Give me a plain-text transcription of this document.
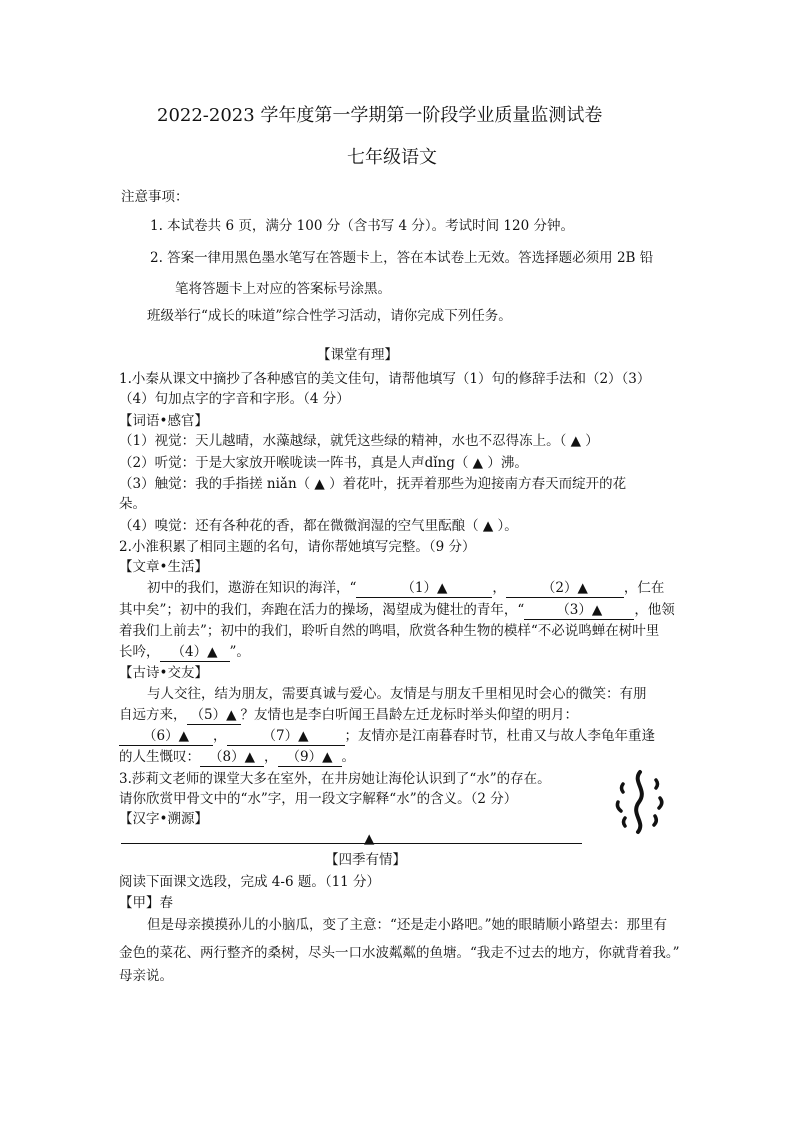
2022-2023 学年度第一学期第一阶段学业质量监测试卷
七年级语文
注意事项：
1. 本试卷共 6 页，满分 100 分（含书写 4 分）。考试时间 120 分钟。
2. 答案一律用黑色墨水笔写在答题卡上，答在本试卷上无效。答选择题必须用 2B 铅
笔将答题卡上对应的答案标号涂黑。
班级举行“成长的味道”综合性学习活动，请你完成下列任务。
【课堂有理】
1.小秦从课文中摘抄了各种感官的美文佳句，请帮他填写（1）句的修辞手法和（2）（3）
（4）句加点字的字音和字形。（4 分）
【词语•感官】
（1）视觉：天儿越晴，水藻越绿，就凭这些绿的精神，水也不忍得冻上。（ ▲ ）
（2）听觉：于是大家放开喉咙读一阵书，真是人声dǐng（ ▲ ）沸。
（3）触觉：我的手指搓 niǎn（ ▲ ）着花叶，抚弄着那些为迎接南方春天而绽开的花
朵。
（4）嗅觉：还有各种花的香，都在微微润湿的空气里酝酿（ ▲ ）。
2.小淮积累了相同主题的名句，请你帮她填写完整。（9 分）
【文章•生活】
初中的我们，遨游在知识的海洋，“	（1）▲	，	（2）▲	，仁在
其中矣”；初中的我们，奔跑在活力的操场，渴望成为健壮的青年，“ （3）▲ ，他领
着我们上前去”；初中的我们，聆听自然的鸣唱，欣赏各种生物的模样“不必说鸣蝉在树叶里
长吟， （4）▲ ”。
【古诗•交友】
与人交往，结为朋友，需要真诚与爱心。友情是与朋友千里相见时会心的微笑：有朋
自远方来， （5）▲ ？友情也是李白听闻王昌龄左迁龙标时举头仰望的明月：
（6）▲ ，	（7）▲	；友情亦是江南暮春时节，杜甫又与故人李龟年重逢
的人生慨叹： （8）▲ ， （9）▲ 。
3.莎莉文老师的课堂大多在室外，在井房她让海伦认识到了“水”的存在。
请你欣赏甲骨文中的“水”字，用一段文字解释“水”的含义。（2 分）
【汉字•溯源】
▲
【四季有情】
阅读下面课文选段，完成 4-6 题。（11 分）
【甲】春
但是母亲摸摸孙儿的小脑瓜，变了主意：“还是走小路吧。”她的眼睛顺小路望去：那里有
金色的菜花、两行整齐的桑树，尽头一口水波粼粼的鱼塘。“我走不过去的地方，你就背着我。”
母亲说。
